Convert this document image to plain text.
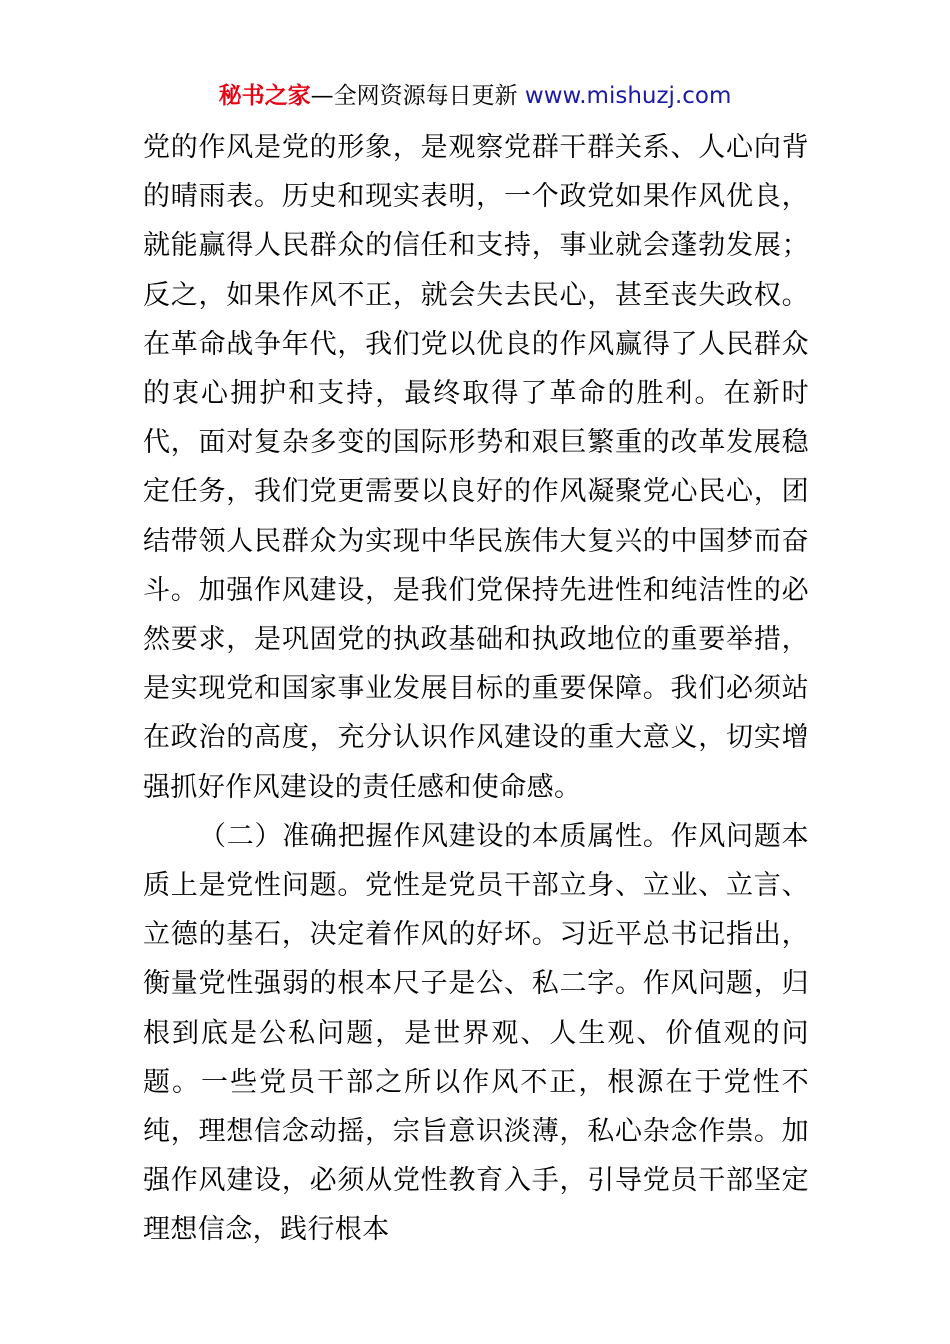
秘书之家—全网资源每日更新 www.mishuzj.com

党的作风是党的形象，是观察党群干群关系、人心向背的晴雨表。历史和现实表明，一个政党如果作风优良，就能赢得人民群众的信任和支持，事业就会蓬勃发展；反之，如果作风不正，就会失去民心，甚至丧失政权。在革命战争年代，我们党以优良的作风赢得了人民群众的衷心拥护和支持，最终取得了革命的胜利。在新时代，面对复杂多变的国际形势和艰巨繁重的改革发展稳定任务，我们党更需要以良好的作风凝聚党心民心，团结带领人民群众为实现中华民族伟大复兴的中国梦而奋斗。加强作风建设，是我们党保持先进性和纯洁性的必然要求，是巩固党的执政基础和执政地位的重要举措，是实现党和国家事业发展目标的重要保障。我们必须站在政治的高度，充分认识作风建设的重大意义，切实增强抓好作风建设的责任感和使命感。

（二）准确把握作风建设的本质属性。作风问题本质上是党性问题。党性是党员干部立身、立业、立言、立德的基石，决定着作风的好坏。习近平总书记指出，衡量党性强弱的根本尺子是公、私二字。作风问题，归根到底是公私问题，是世界观、人生观、价值观的问题。一些党员干部之所以作风不正，根源在于党性不纯，理想信念动摇，宗旨意识淡薄，私心杂念作祟。加强作风建设，必须从党性教育入手，引导党员干部坚定理想信念，践行根本
